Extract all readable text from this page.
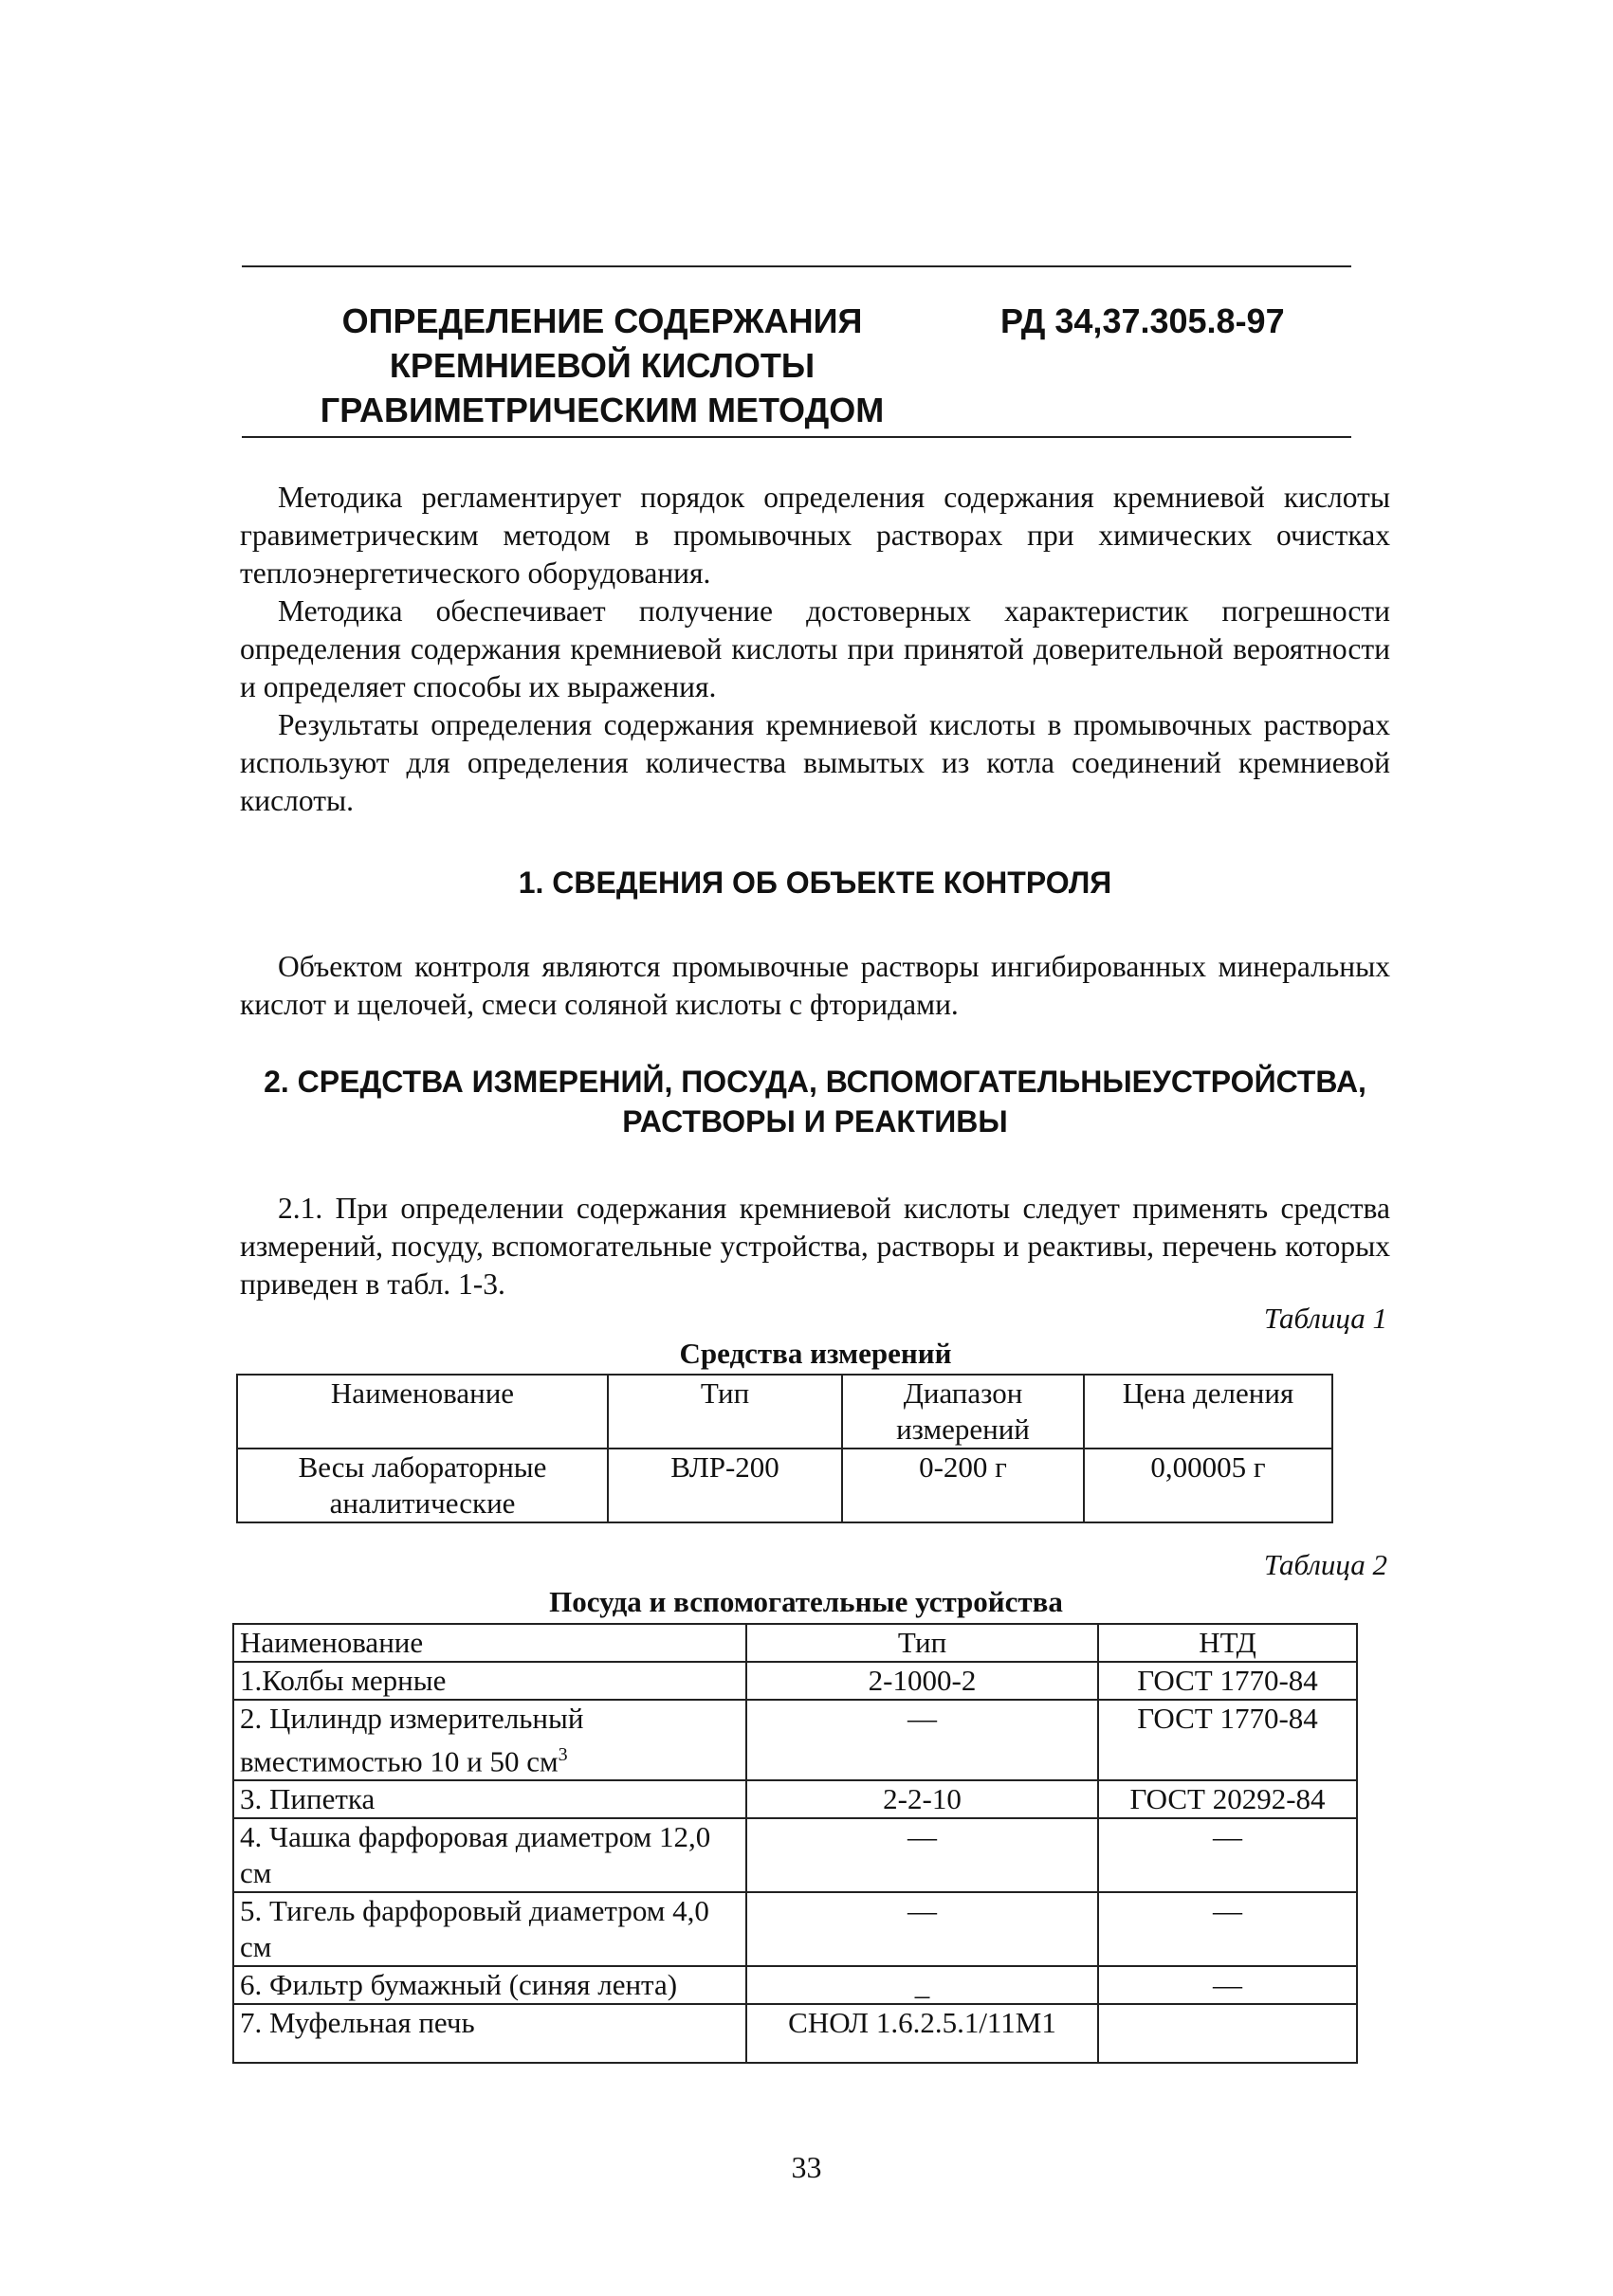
ОПРЕДЕЛЕНИЕ СОДЕРЖАНИЯ
КРЕМНИЕВОЙ КИСЛОТЫ
ГРАВИМЕТРИЧЕСКИМ МЕТОДОМ
РД 34,37.305.8-97

Методика регламентирует порядок определения содержания кремниевой кислоты гравиметрическим методом в промывочных растворах при химических очистках теплоэнергетического оборудования.

Методика обеспечивает получение достоверных характеристик погрешности определения содержания кремниевой кислоты при принятой доверительной вероятности и определяет способы их выражения.

Результаты определения содержания кремниевой кислоты в промывочных растворах используют для определения количества вымытых из котла соединений кремниевой кислоты.

1. СВЕДЕНИЯ ОБ ОБЪЕКТЕ КОНТРОЛЯ

Объектом контроля являются промывочные растворы ингибированных минеральных кислот и щелочей, смеси соляной кислоты с фторидами.

2. СРЕДСТВА ИЗМЕРЕНИЙ, ПОСУДА, ВСПОМОГАТЕЛЬНЫЕУСТРОЙСТВА,
РАСТВОРЫ И РЕАКТИВЫ

2.1. При определении содержания кремниевой кислоты следует применять средства измерений, посуду, вспомогательные устройства, растворы и реактивы, перечень которых приведен в табл. 1-3.

Таблица 1
Средства измерений
Наименование	Тип	Диапазон измерений	Цена деления
Весы лабораторные аналитические	ВЛР-200	0-200 г	0,00005 г
Таблица 2
Посуда и вспомогательные устройства
Наименование	Тип	НТД
1.Колбы мерные	2-1000-2	ГОСТ 1770-84
2. Цилиндр измерительный вместимостью 10 и 50 $см^3$	—	ГОСТ 1770-84
3. Пипетка	2-2-10	ГОСТ 20292-84
4. Чашка фарфоровая диаметром 12,0 см	—	—
5. Тигель фарфоровый диаметром 4,0 см	—	—
6. Фильтр бумажный (синяя лента)	_	—
7. Муфельная печь	СНОЛ 1.6.2.5.1/11М1	
33
